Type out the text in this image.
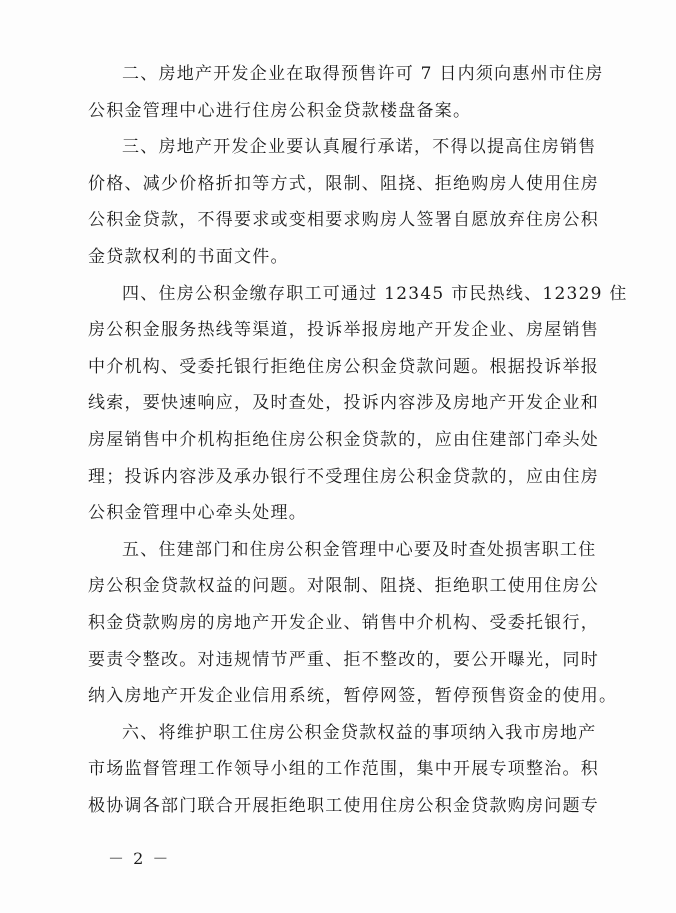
二、房地产开发企业在取得预售许可 7 日内须向惠州市住房
公积金管理中心进行住房公积金贷款楼盘备案。
三、房地产开发企业要认真履行承诺，不得以提高住房销售
价格、减少价格折扣等方式，限制、阻挠、拒绝购房人使用住房
公积金贷款，不得要求或变相要求购房人签署自愿放弃住房公积
金贷款权利的书面文件。
四、住房公积金缴存职工可通过 12345 市民热线、12329 住
房公积金服务热线等渠道，投诉举报房地产开发企业、房屋销售
中介机构、受委托银行拒绝住房公积金贷款问题。根据投诉举报
线索，要快速响应，及时查处，投诉内容涉及房地产开发企业和
房屋销售中介机构拒绝住房公积金贷款的，应由住建部门牵头处
理；投诉内容涉及承办银行不受理住房公积金贷款的，应由住房
公积金管理中心牵头处理。
五、住建部门和住房公积金管理中心要及时查处损害职工住
房公积金贷款权益的问题。对限制、阻挠、拒绝职工使用住房公
积金贷款购房的房地产开发企业、销售中介机构、受委托银行，
要责令整改。对违规情节严重、拒不整改的，要公开曝光，同时
纳入房地产开发企业信用系统，暂停网签，暂停预售资金的使用。
六、将维护职工住房公积金贷款权益的事项纳入我市房地产
市场监督管理工作领导小组的工作范围，集中开展专项整治。积
极协调各部门联合开展拒绝职工使用住房公积金贷款购房问题专
－ 2 －
